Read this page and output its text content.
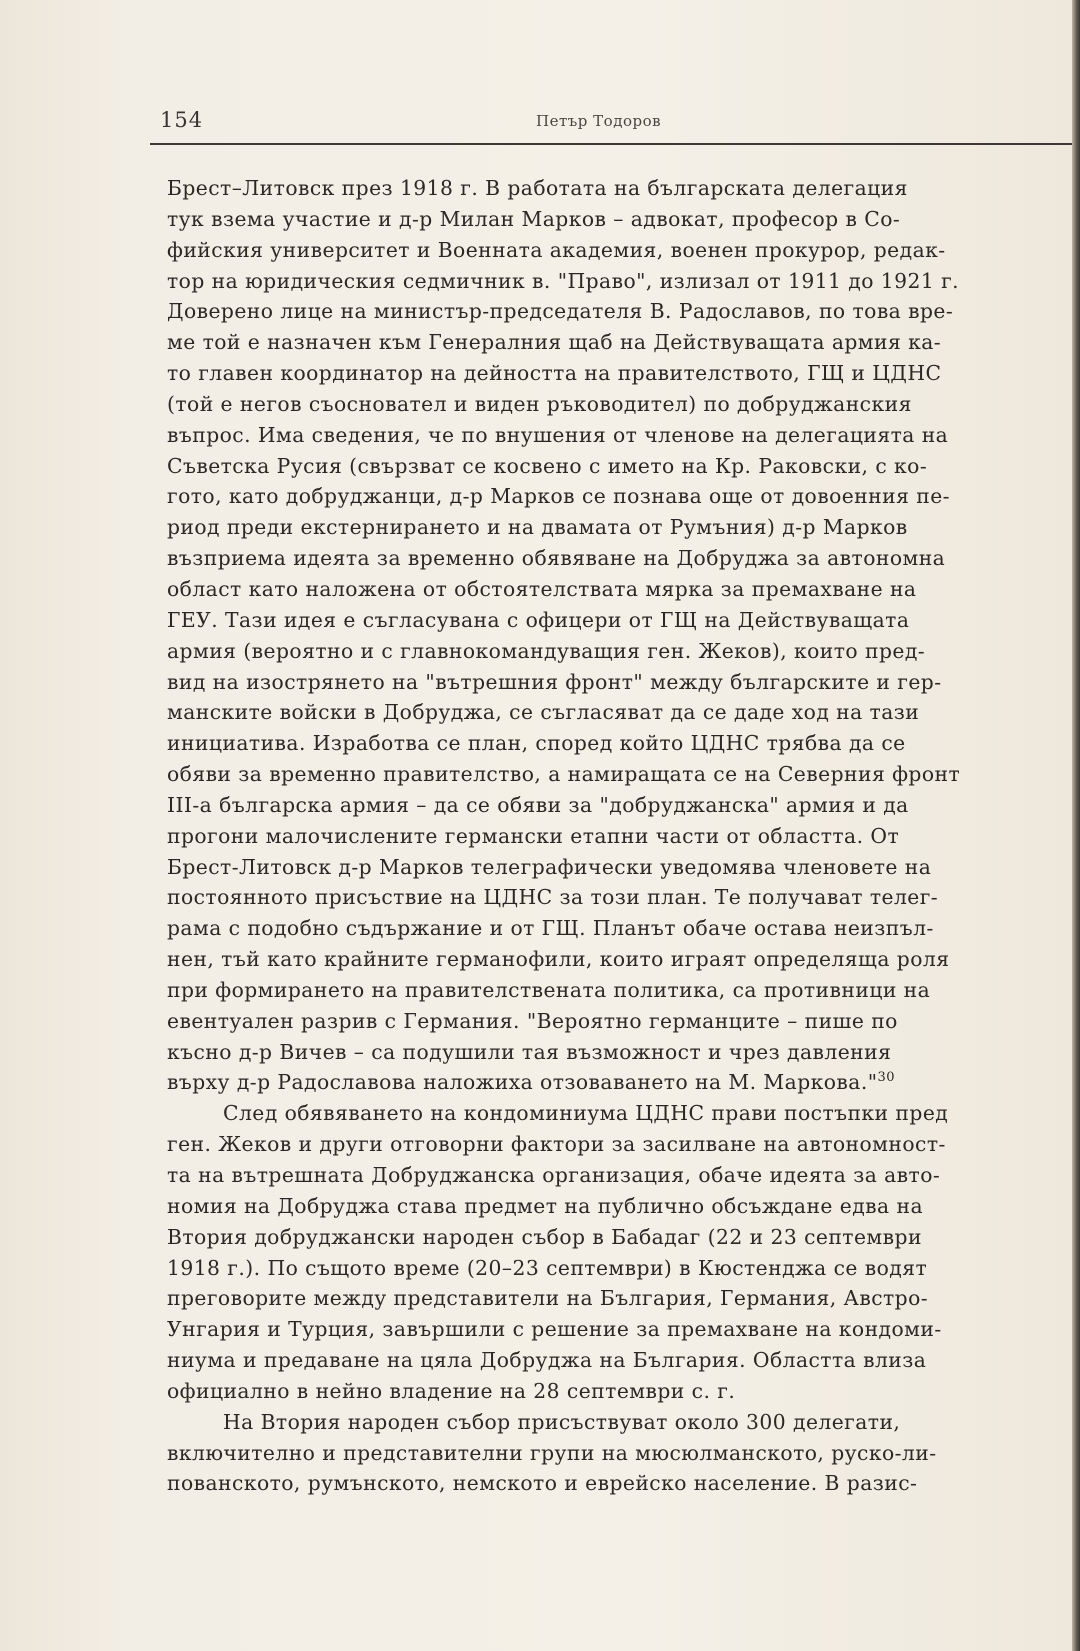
154	Петър Тодоров
Брест–Литовск през 1918 г. В работата на българската делегация
тук взема участие и д-р Милан Марков – адвокат, професор в Со-
фийския университет и Военната академия, военен прокурор, редак-
тор на юридическия седмичник в. "Право", излизал от 1911 до 1921 г.
Доверено лице на министър-председателя В. Радославов, по това вре-
ме той е назначен към Генералния щаб на Действуващата армия ка-
то главен координатор на дейността на правителството, ГЩ и ЦДНС
(той е негов съосновател и виден ръководител) по добруджанския
въпрос. Има сведения, че по внушения от членове на делегацията на
Съветска Русия (свързват се косвено с името на Кр. Раковски, с ко-
гото, като добруджанци, д-р Марков се познава още от довоенния пе-
риод преди екстернирането и на двамата от Румъния) д-р Марков
възприема идеята за временно обявяване на Добруджа за автономна
област като наложена от обстоятелствата мярка за премахване на
ГЕУ. Тази идея е съгласувана с офицери от ГЩ на Действуващата
армия (вероятно и с главнокомандуващия ген. Жеков), които пред-
вид на изострянето на "вътрешния фронт" между българските и гер-
манските войски в Добруджа, се съгласяват да се даде ход на тази
инициатива. Изработва се план, според който ЦДНС трябва да се
обяви за временно правителство, а намиращата се на Северния фронт
III-а българска армия – да се обяви за "добруджанска" армия и да
прогони малочислените германски етапни части от областта. От
Брест-Литовск д-р Марков телеграфически уведомява членовете на
постоянното присъствие на ЦДНС за този план. Те получават телег-
рама с подобно съдържание и от ГЩ. Планът обаче остава неизпъл-
нен, тъй като крайните германофили, които играят определяща роля
при формирането на правителствената политика, са противници на
евентуален разрив с Германия. "Вероятно германците – пише по
късно д-р Вичев – са подушили тая възможност и чрез давления
върху д-р Радославова наложиха отзоваването на М. Маркова."$^{30}$
След обявяването на кондоминиума ЦДНС прави постъпки пред
ген. Жеков и други отговорни фактори за засилване на автономност-
та на вътрешната Добруджанска организация, обаче идеята за авто-
номия на Добруджа става предмет на публично обсъждане едва на
Втория добруджански народен събор в Бабадаг (22 и 23 септември
1918 г.). По същото време (20–23 септември) в Кюстенджа се водят
преговорите между представители на България, Германия, Австро-
Унгария и Турция, завършили с решение за премахване на кондоми-
ниума и предаване на цяла Добруджа на България. Областта влиза
официално в нейно владение на 28 септември с. г.
На Втория народен събор присъствуват около 300 делегати,
включително и представителни групи на мюсюлманското, руско-ли-
пованското, румънското, немското и еврейско население. В разис-
